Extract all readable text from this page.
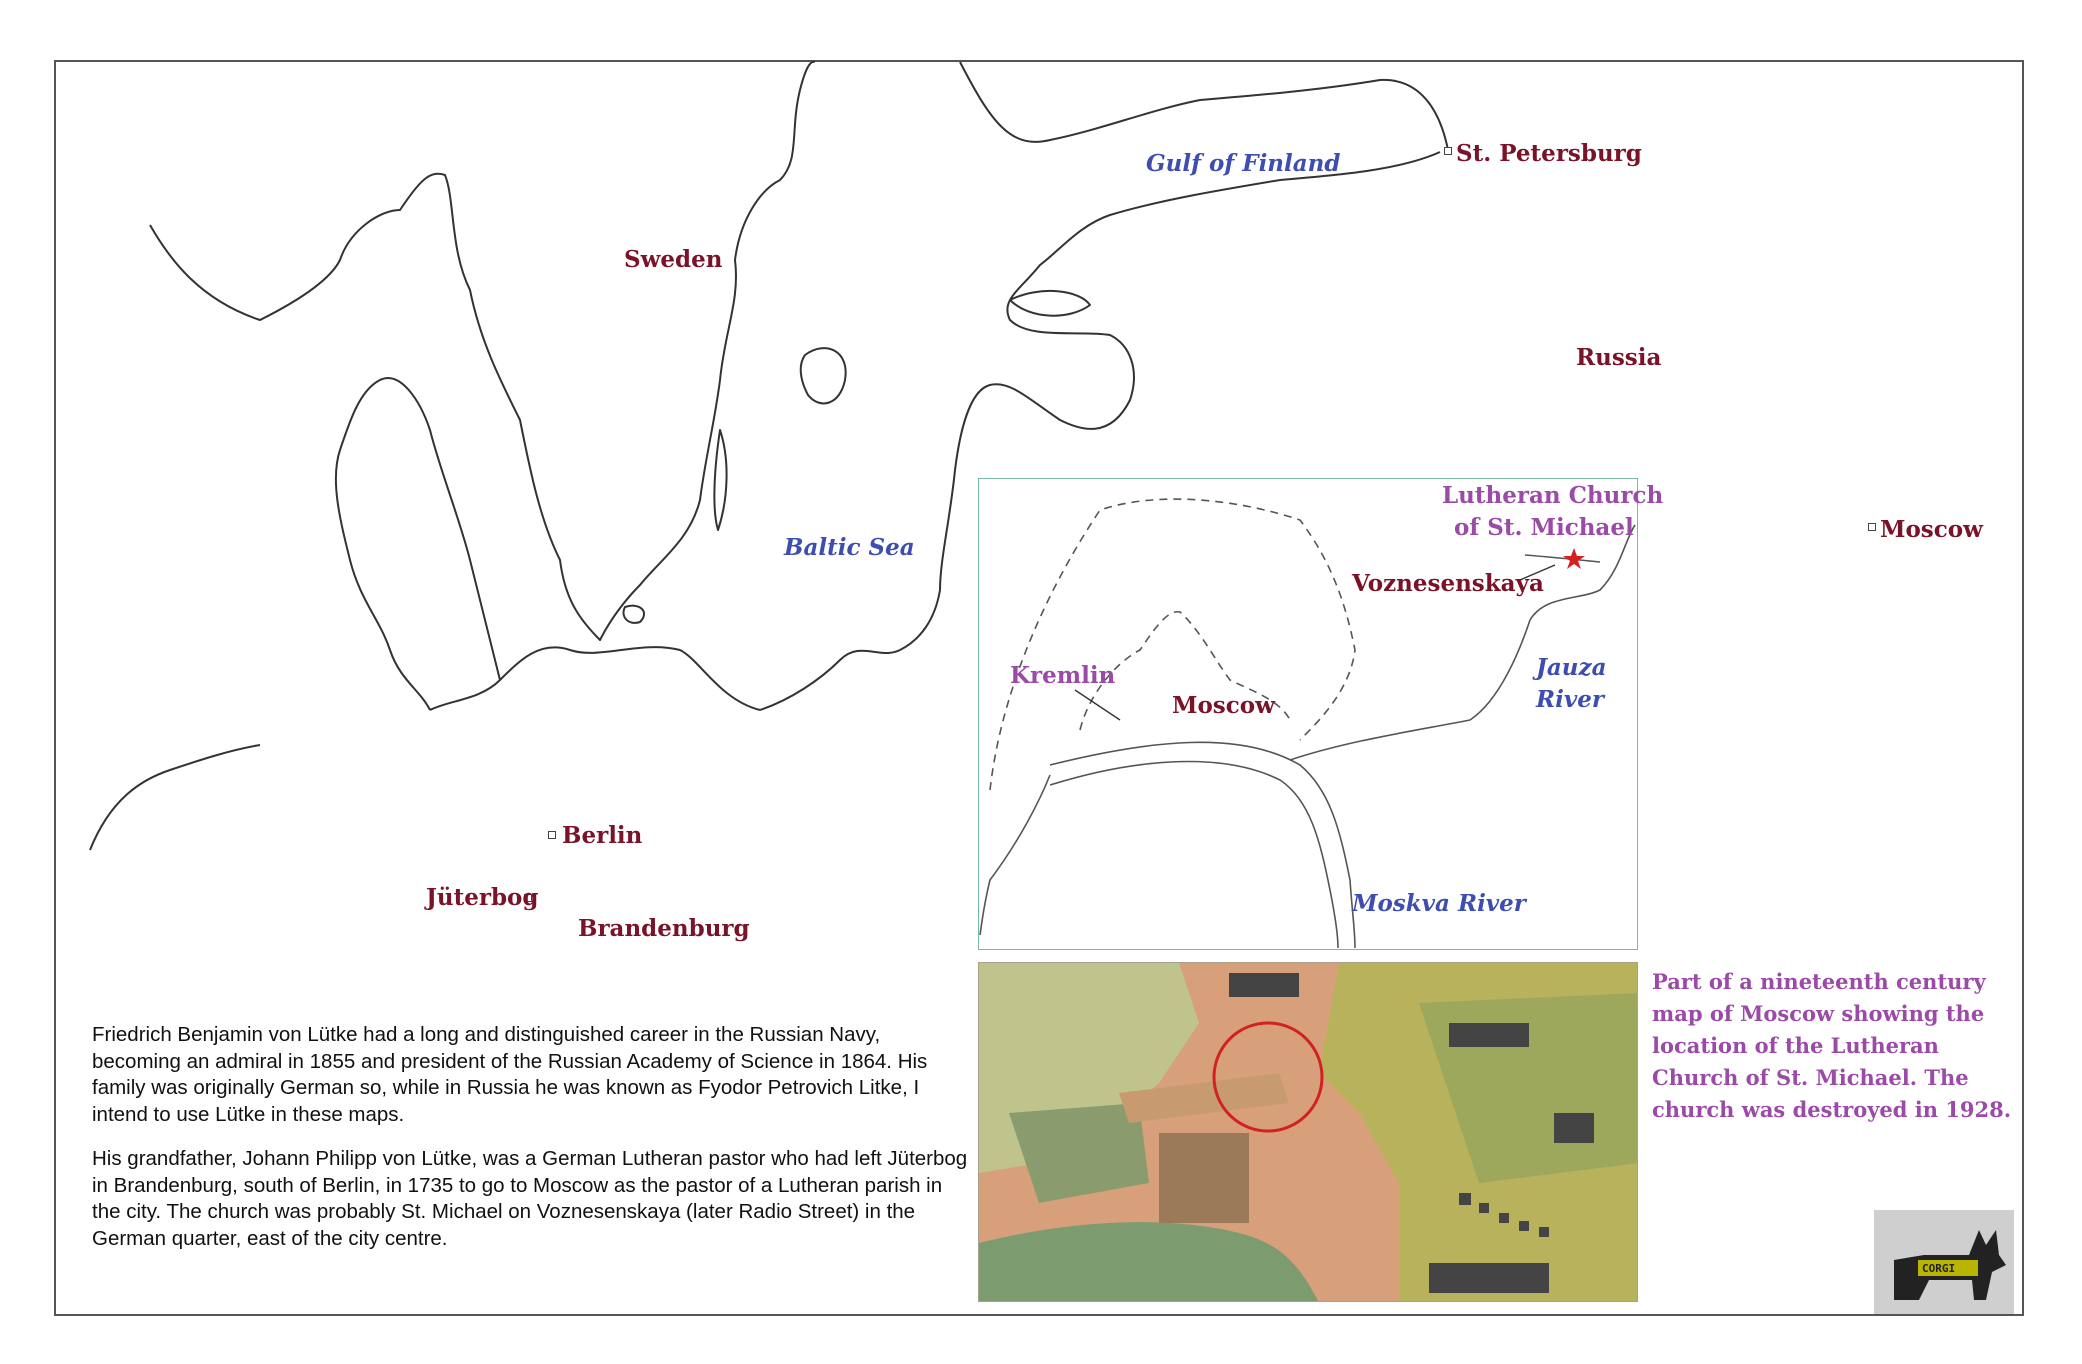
Sweden
Russia
Gulf of Finland	St. Petersburg
Baltic Sea
Moscow
Berlin
Jüterbog
Brandenburg
Lutheran Church
of St. Michael
Voznesenskaya
Kremlin
Moscow
Jauza
River
Moskva River
Part of a nineteenth century map of Moscow showing the location of the Lutheran Church of St. Michael. The church was destroyed in 1928.

Friedrich Benjamin von Lütke had a long and distinguished career in the Russian Navy, becoming an admiral in 1855 and president of the Russian Academy of Science in 1864. His family was originally German so, while in Russia he was known as Fyodor Petrovich Litke, I intend to use Lütke in these maps.

His grandfather, Johann Philipp von Lütke, was a German Lutheran pastor who had left Jüterbog in Brandenburg, south of Berlin, in 1735 to go to Moscow as the pastor of a Lutheran parish in the city. The church was probably St. Michael on Voznesenskaya (later Radio Street) in the German quarter, east of the city centre.

CORGI
